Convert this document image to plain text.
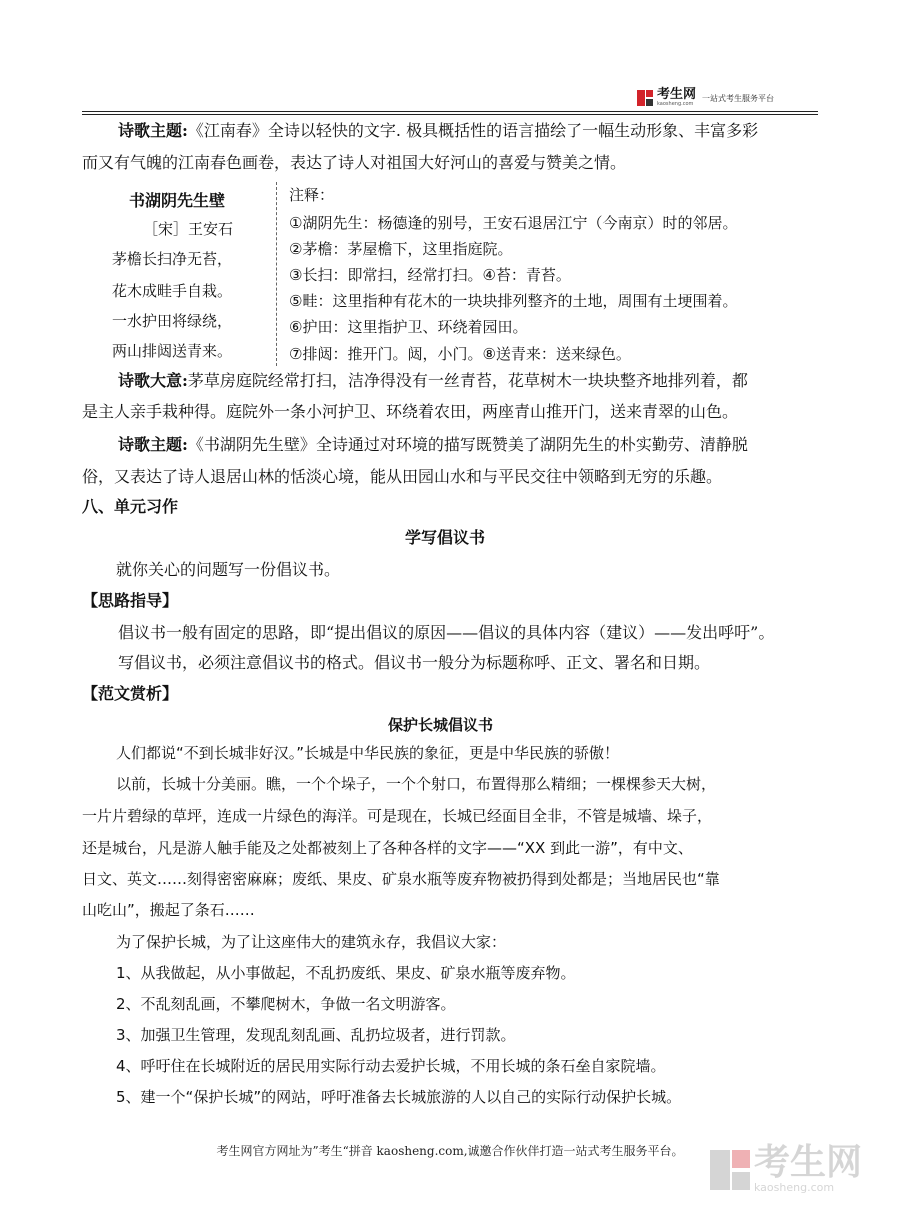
考生网
kaosheng.com
一站式考生服务平台
诗歌主题:《江南春》全诗以轻快的文字. 极具概括性的语言描绘了一幅生动形象、丰富多彩
而又有气魄的江南春色画卷，表达了诗人对祖国大好河山的喜爱与赞美之情。
书湖阴先生壁
［宋］王安石
茅檐长扫净无苔，
花木成畦手自栽。
一水护田将绿绕，
两山排闼送青来。
注释：
①湖阴先生：杨德逢的别号，王安石退居江宁（今南京）时的邻居。
②茅檐：茅屋檐下，这里指庭院。
③长扫：即常扫，经常打扫。④苔：青苔。
⑤畦：这里指种有花木的一块块排列整齐的土地，周围有土埂围着。
⑥护田：这里指护卫、环绕着园田。
⑦排闼：推开门。闼，小门。⑧送青来：送来绿色。
诗歌大意:茅草房庭院经常打扫，洁净得没有一丝青苔，花草树木一块块整齐地排列着，都
是主人亲手栽种得。庭院外一条小河护卫、环绕着农田，两座青山推开门，送来青翠的山色。
诗歌主题:《书湖阴先生壁》全诗通过对环境的描写既赞美了湖阴先生的朴实勤劳、清静脱
俗，又表达了诗人退居山林的恬淡心境，能从田园山水和与平民交往中领略到无穷的乐趣。
八、单元习作
学写倡议书
就你关心的问题写一份倡议书。
【思路指导】
倡议书一般有固定的思路，即“提出倡议的原因——倡议的具体内容（建议）——发出呼吁”。
写倡议书，必须注意倡议书的格式。倡议书一般分为标题称呼、正文、署名和日期。
【范文赏析】
保护长城倡议书
人们都说“不到长城非好汉。”长城是中华民族的象征，更是中华民族的骄傲！
以前，长城十分美丽。瞧，一个个垛子，一个个射口，布置得那么精细；一棵棵参天大树，
一片片碧绿的草坪，连成一片绿色的海洋。可是现在，长城已经面目全非，不管是城墙、垛子，
还是城台，凡是游人触手能及之处都被刻上了各种各样的文字——“XX 到此一游”，有中文、
日文、英文……刻得密密麻麻；废纸、果皮、矿泉水瓶等废弃物被扔得到处都是；当地居民也“靠
山吃山”，搬起了条石……
为了保护长城，为了让这座伟大的建筑永存，我倡议大家：
1、从我做起，从小事做起，不乱扔废纸、果皮、矿泉水瓶等废弃物。
2、不乱刻乱画，不攀爬树木，争做一名文明游客。
3、加强卫生管理，发现乱刻乱画、乱扔垃圾者，进行罚款。
4、呼吁住在长城附近的居民用实际行动去爱护长城，不用长城的条石垒自家院墙。
5、建一个“保护长城”的网站，呼吁准备去长城旅游的人以自己的实际行动保护长城。
考生网官方网址为”考生“拼音 kaosheng.com,诚邀合作伙伴打造一站式考生服务平台。	考生网
kaosheng.com
